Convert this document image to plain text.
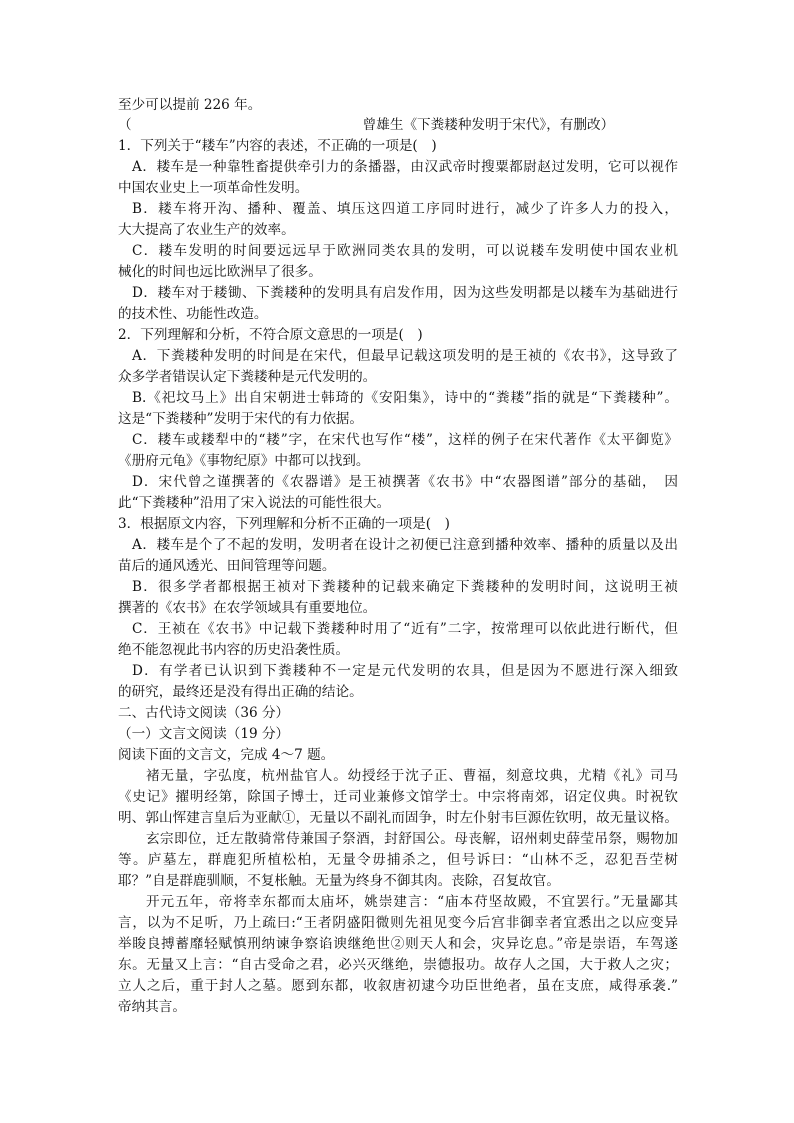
至少可以提前 226 年。
（　　　　　　　　　　　　　　　　　曾雄生《下粪耧种发明于宋代》，有删改）
1．下列关于“耧车”内容的表述，不正确的一项是(　)
A．耧车是一种靠牲畜提供牵引力的条播器，由汉武帝时搜粟都尉赵过发明，它可以视作
中国农业史上一项革命性发明。
B．耧车将开沟、播种、覆盖、填压这四道工序同时进行，减少了许多人力的投入，
大大提高了农业生产的效率。
C．耧车发明的时间要远远早于欧洲同类农具的发明，可以说耧车发明使中国农业机
械化的时间也远比欧洲早了很多。
D．耧车对于耧锄、下粪耧种的发明具有启发作用，因为这些发明都是以耧车为基础进行
的技术性、功能性改造。
2．下列理解和分析，不符合原文意思的一项是(　)
A．下粪耧种发明的时间是在宋代，但最早记载这项发明的是王祯的《农书》，这导致了
众多学者错误认定下粪耧种是元代发明的。
B.《祀坟马上》出自宋朝进士韩琦的《安阳集》，诗中的“粪耧”指的就是“下粪耧种”。
这是“下粪耧种”发明于宋代的有力依据。
C．耧车或耧犁中的“耧”字，在宋代也写作“楼”，这样的例子在宋代著作《太平御览》
《册府元龟》《事物纪原》中都可以找到。
D．宋代曾之谨撰著的《农器谱》是王祯撰著《农书》中“农器图谱”部分的基础，　因
此“下粪耧种”沿用了宋入说法的可能性很大。
3．根据原文内容，下列理解和分析不正确的一项是(　)
A．耧车是个了不起的发明，发明者在设计之初便已注意到播种效率、播种的质量以及出
苗后的通风透光、田间管理等问题。
B．很多学者都根据王祯对下粪耧种的记载来确定下粪耧种的发明时间，这说明王祯
撰著的《农书》在农学领域具有重要地位。
C．王祯在《农书》中记载下粪耧种时用了“近有”二字，按常理可以依此进行断代，但
绝不能忽视此书内容的历史沿袭性质。
D．有学者已认识到下粪耧种不一定是元代发明的农具，但是因为不愿进行深入细致
的研究，最终还是没有得出正确的结论。
二、古代诗文阅读（36 分）
（一）文言文阅读（19 分）
阅读下面的文言文，完成 4～7 题。
褚无量，字弘度，杭州盐官人。幼授经于沈子正、曹福，刻意坟典，尤精《礼》司马
《史记》擢明经第，除国子博士，迁司业兼修文馆学士。中宗将南郊，诏定仪典。时祝钦
明、郭山恽建言皇后为亚献①，无量以不副礼而固争，时左仆射韦巨源佐钦明，故无量议格。
玄宗即位，迁左散骑常侍兼国子祭酒，封舒国公。母丧解，诏州刺史薛莹吊祭，赐物加
等。庐墓左，群鹿犯所植松柏，无量令毋捕杀之，但号诉曰：“山林不乏，忍犯吾茔树
耶？”自是群鹿驯顺，不复枨触。无量为终身不御其肉。丧除，召复故官。
开元五年，帝将幸东都而太庙坏，姚崇建言：“庙本苻坚故殿，不宜罢行。”无量鄙其
言，以为不足听，乃上疏曰:“王者阴盛阳微则先祖见变今后宫非御幸者宜悉出之以应变异
举睃良搏蓄靡轻赋慎刑纳谏争察谄谀继绝世②则天人和会，灾异讫息。”帝是崇语，车驾遂
东。无量又上言：“自古受命之君，必兴灭继绝，崇德报功。故存人之国，大于救人之灾；
立人之后，重于封人之墓。愿到东都，收叙唐初逮今功臣世绝者，虽在支庶，咸得承袭.”
帝纳其言。
